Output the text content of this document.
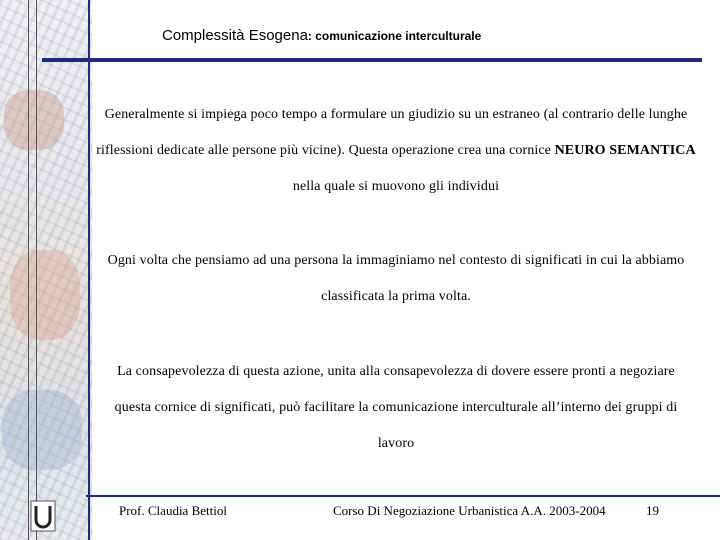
Complessità Esogena: comunicazione interculturale
Generalmente si impiega poco tempo a formulare un giudizio su un estraneo (al contrario delle lunghe riflessioni dedicate alle persone più vicine). Questa operazione crea una cornice NEURO SEMANTICA nella quale si muovono gli individui
Ogni volta che pensiamo ad una persona la immaginiamo nel contesto di significati in cui la abbiamo classificata la prima volta.
La consapevolezza di questa azione, unita alla consapevolezza di dovere essere pronti a negoziare questa cornice di significati, può facilitare la comunicazione interculturale all’interno dei gruppi di lavoro
Prof. Claudia Bettiol	Corso Di Negoziazione Urbanistica A.A. 2003-2004	19
